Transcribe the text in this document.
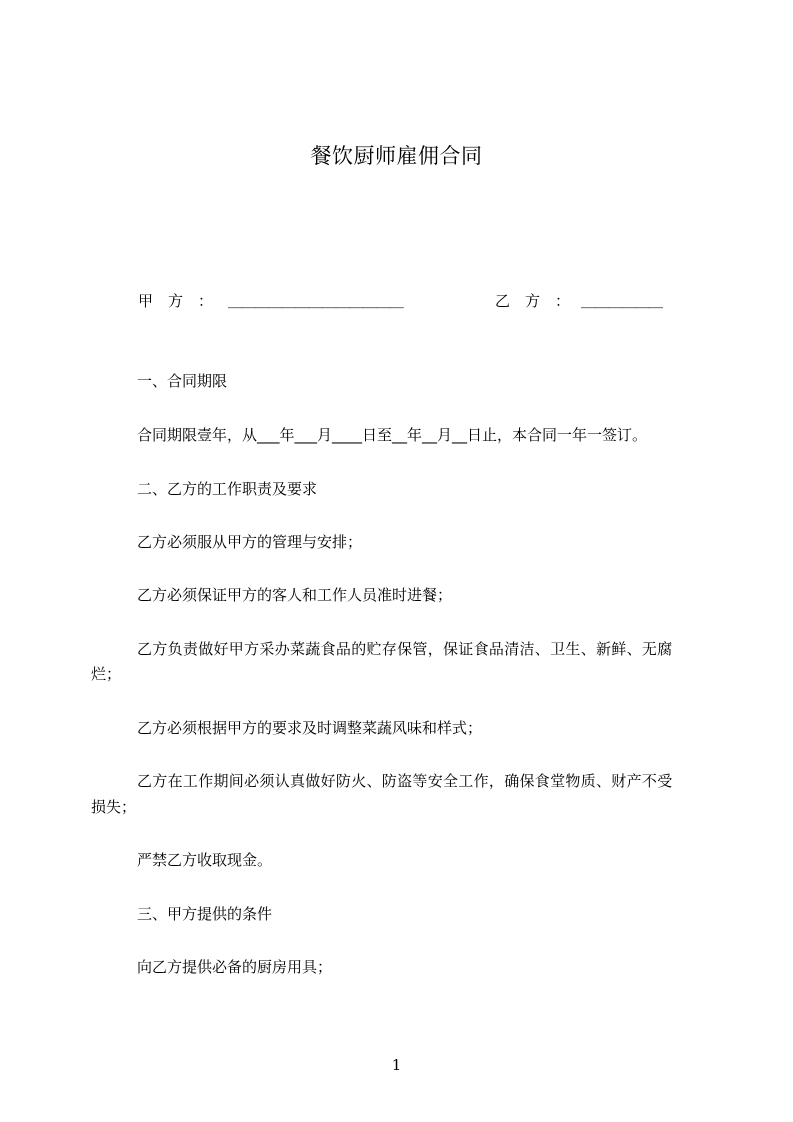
餐饮厨师雇佣合同
甲　方　： ＿＿＿＿＿＿＿＿＿＿＿＿＿	乙　方　： ＿＿＿＿＿＿
一、合同期限
合同期限壹年，从___年___月____日至__年__月__日止，本合同一年一签订。
二、乙方的工作职责及要求
乙方必须服从甲方的管理与安排；
乙方必须保证甲方的客人和工作人员准时进餐；
乙方负责做好甲方采办菜蔬食品的贮存保管，保证食品清洁、卫生、新鲜、无腐
烂；
乙方必须根据甲方的要求及时调整菜蔬风味和样式；
乙方在工作期间必须认真做好防火、防盗等安全工作，确保食堂物质、财产不受
损失；
严禁乙方收取现金。
三、甲方提供的条件
向乙方提供必备的厨房用具；
1
